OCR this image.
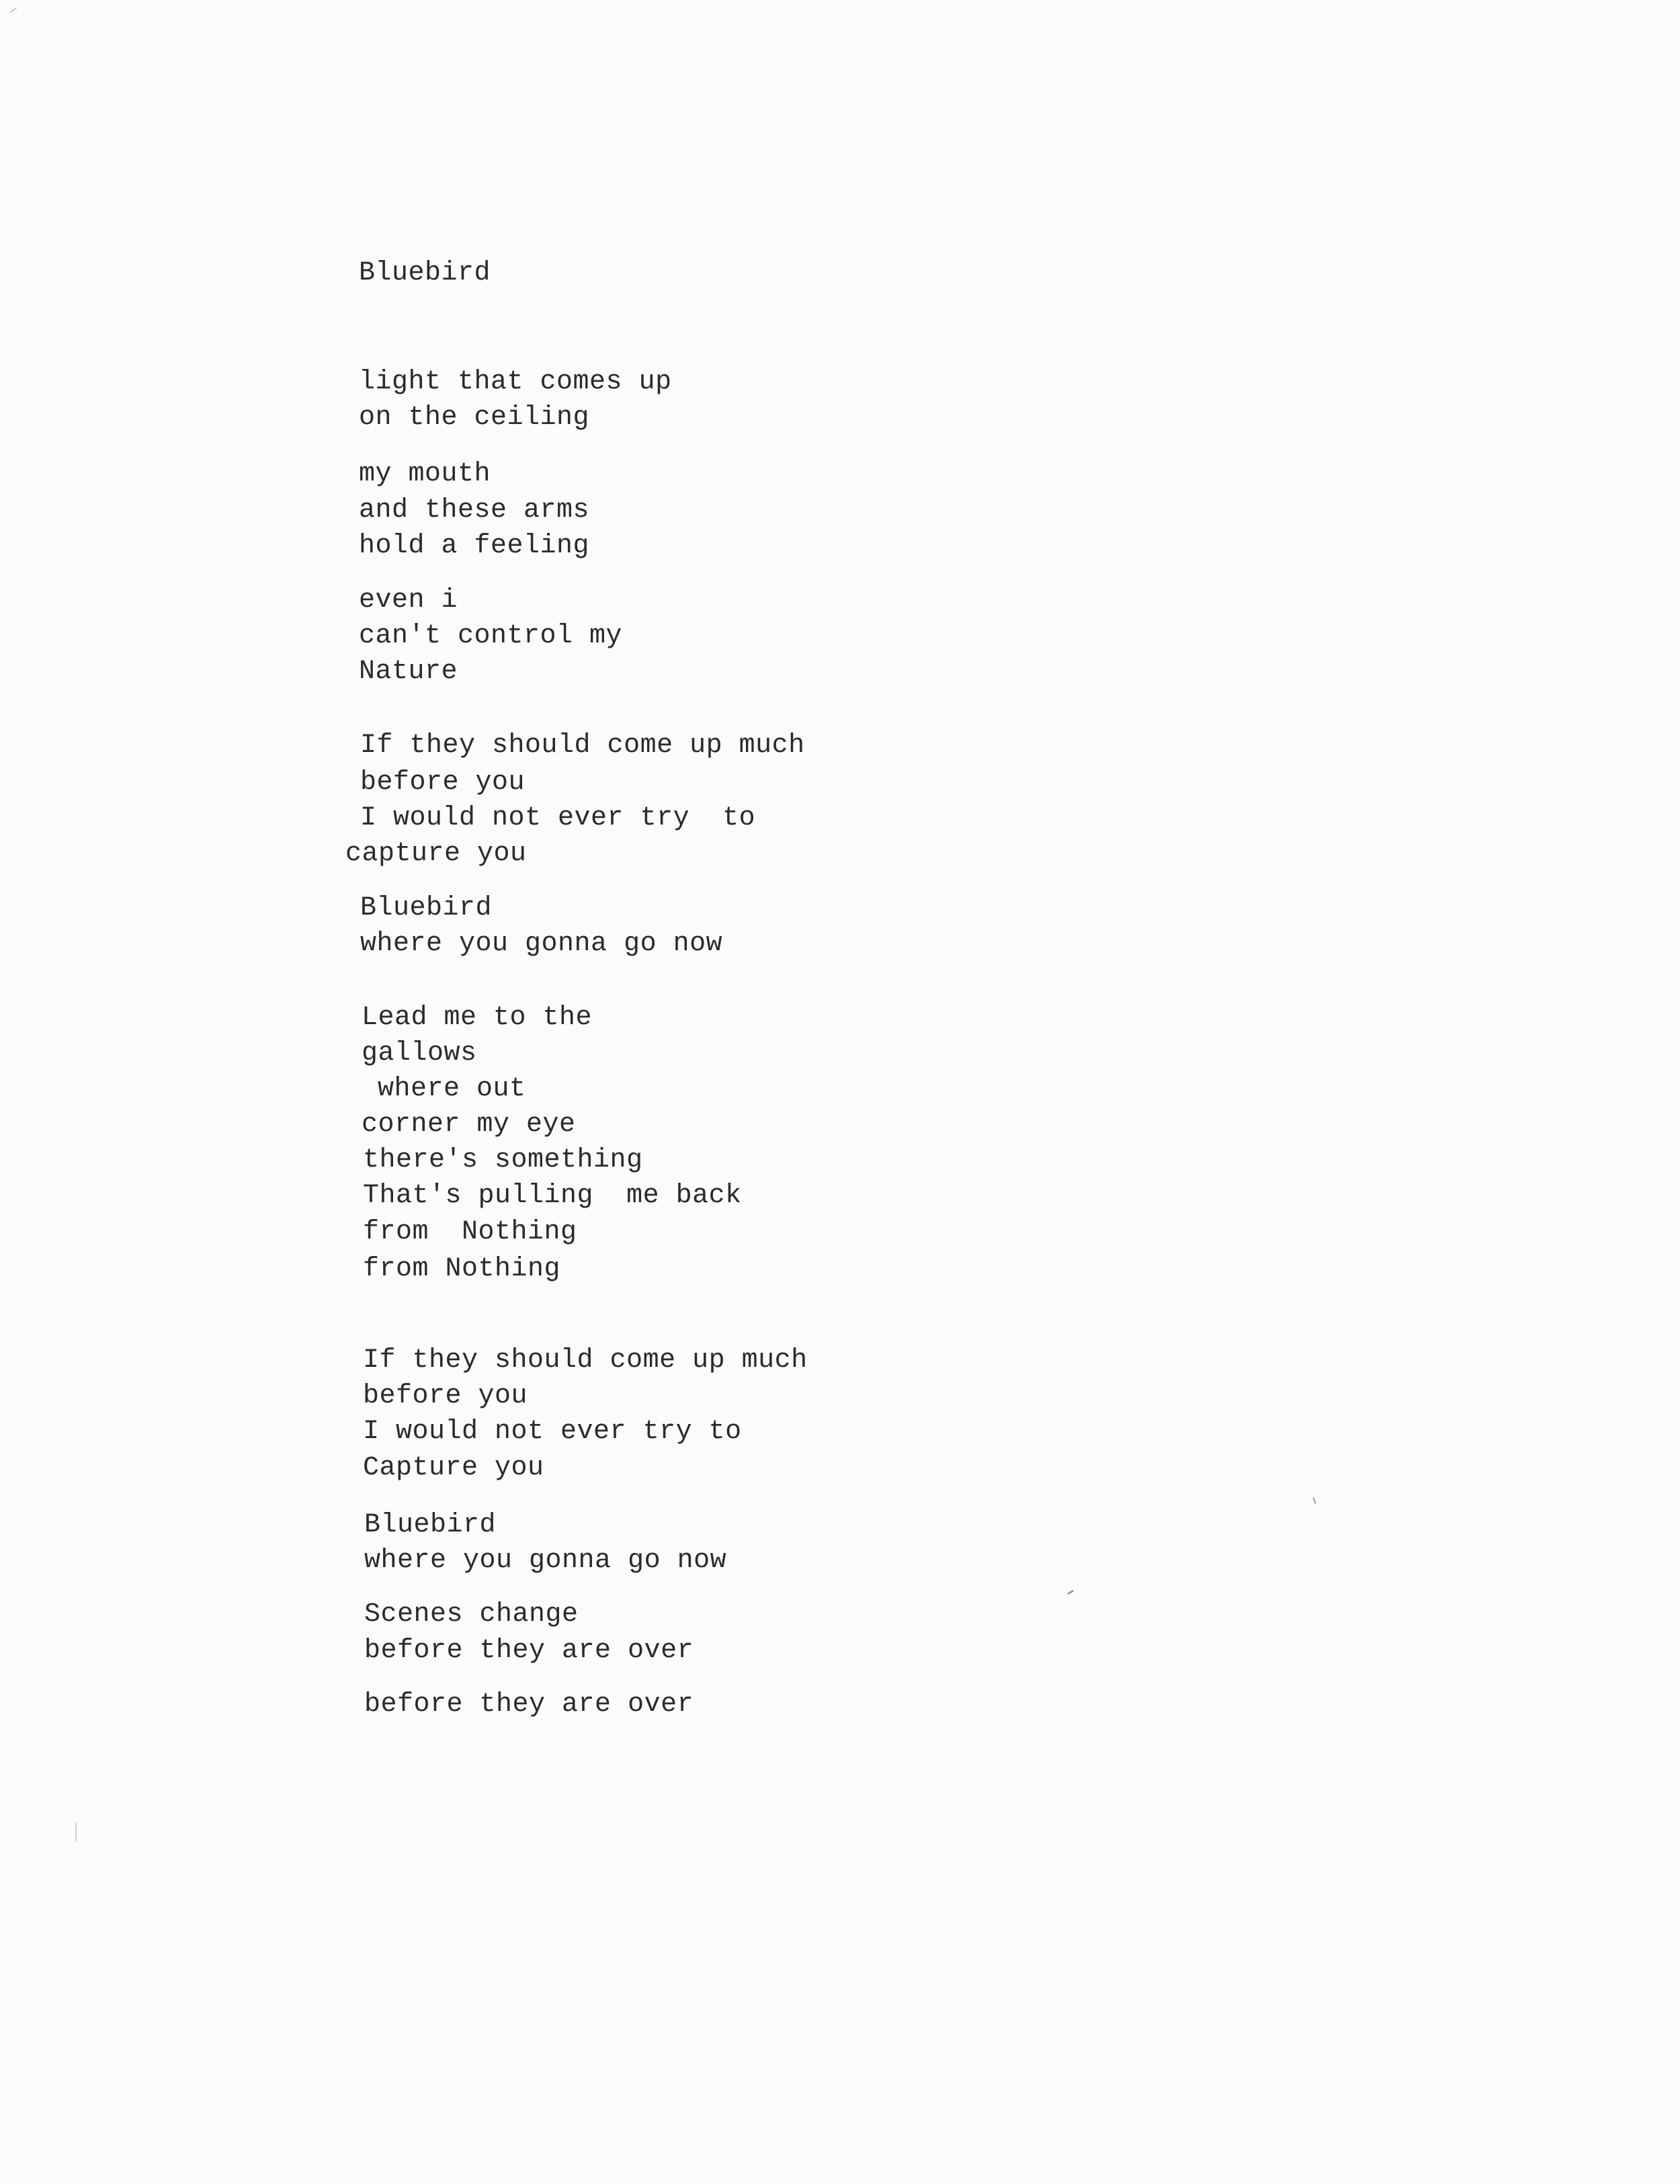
Bluebird
light that comes up
on the ceiling
my mouth
and these arms
hold a feeling
even i
can't control my
Nature
If they should come up much
before you
I would not ever try  to
capture you
Bluebird
where you gonna go now
Lead me to the
gallows
where out
corner my eye
there's something
That's pulling  me back
from  Nothing
from Nothing
If they should come up much
before you
I would not ever try to
Capture you
Bluebird
where you gonna go now
Scenes change
before they are over
before they are over
